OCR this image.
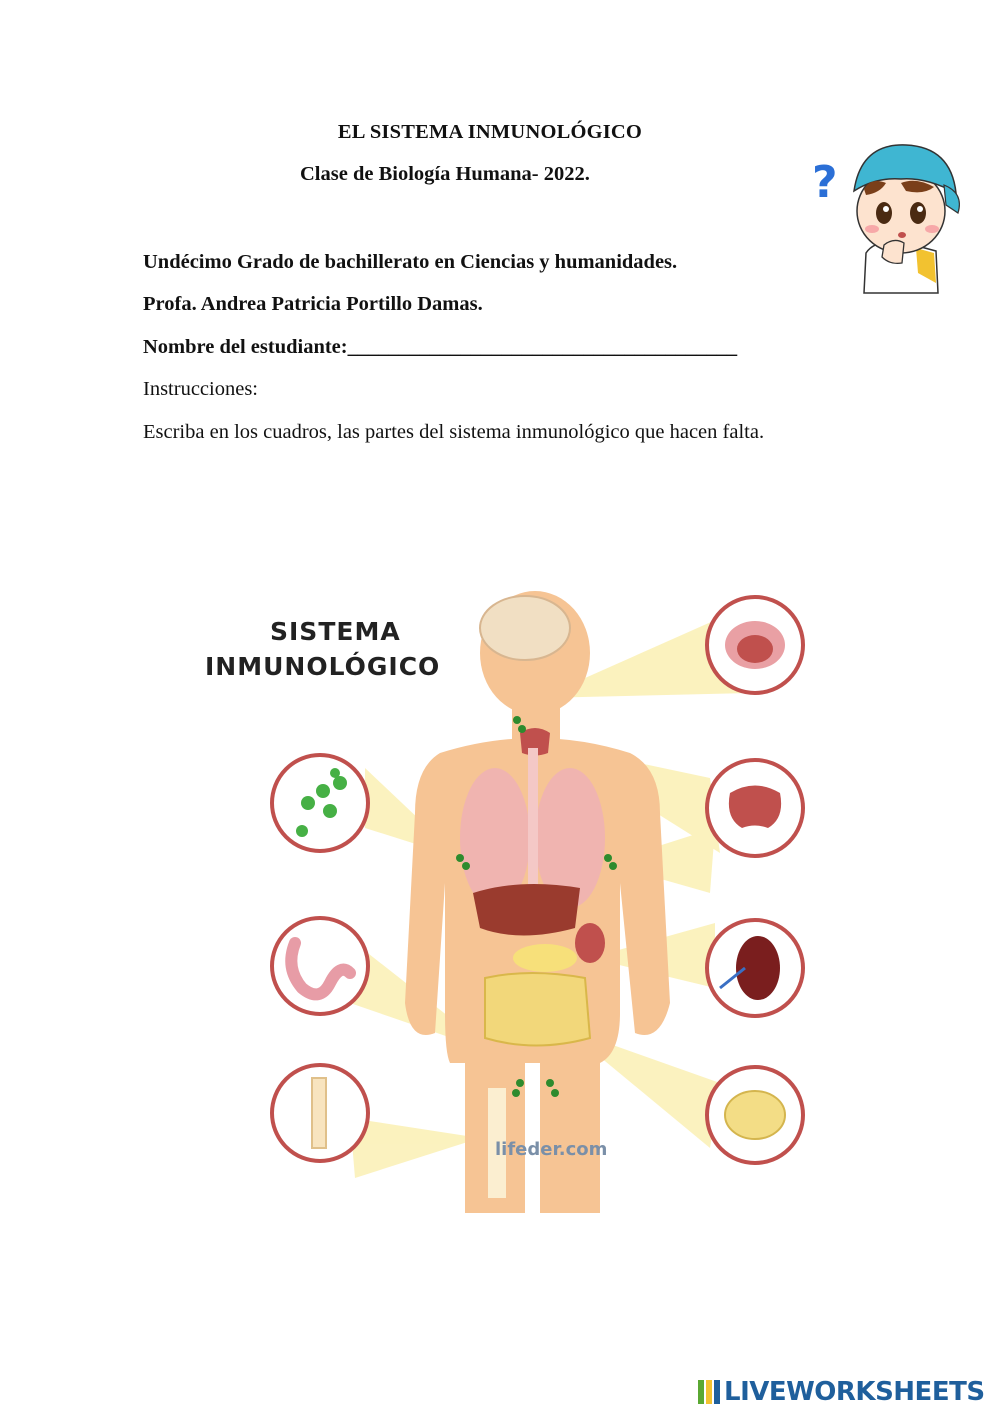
EL SISTEMA INMUNOLÓGICO
Clase de Biología Humana- 2022.	?
Undécimo Grado de bachillerato en Ciencias y humanidades.
Profa. Andrea Patricia Portillo Damas.
Nombre del estudiante:______________________________________
Instrucciones:
Escriba en los cuadros, las partes del sistema inmunológico que hacen falta.
SISTEMA
INMUNOLÓGICO
lifeder.com
LIVEWORKSHEETS
